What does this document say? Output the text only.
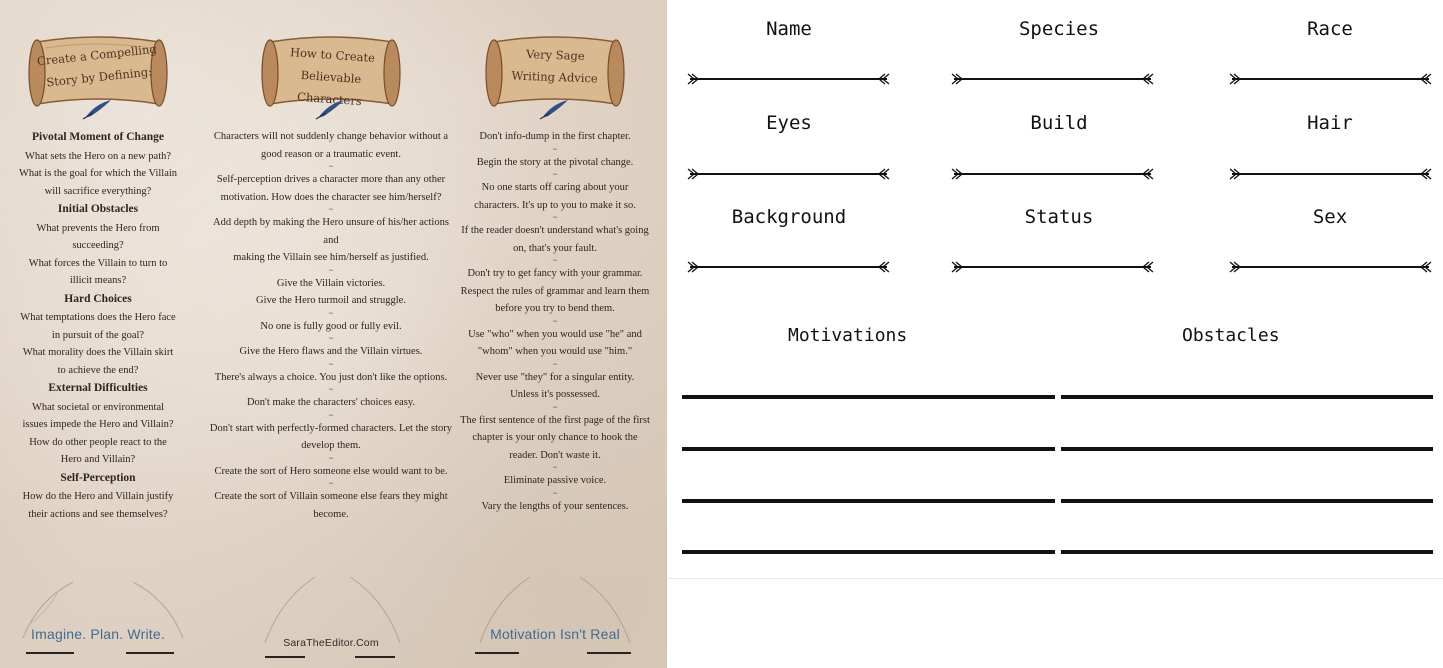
Create a Compelling
Story by Defining:

Pivotal Moment of Change

What sets the Hero on a new path?

What is the goal for which the Villain

will sacrifice everything?

Initial Obstacles

What prevents the Hero from

succeeding?

What forces the Villain to turn to

illicit means?

Hard Choices

What temptations does the Hero face

in pursuit of the goal?

What morality does the Villain skirt

to achieve the end?

External Difficulties

What societal or environmental

issues impede the Hero and Villain?

How do other people react to the

Hero and Villain?

Self-Perception

How do the Hero and Villain justify

their actions and see themselves?

Imagine. Plan. Write.
How to Create
Believable Characters

Characters will not suddenly change behavior without a

good reason or a traumatic event.

~

Self-perception drives a character more than any other

motivation. How does the character see him/herself?

~

Add depth by making the Hero unsure of his/her actions and

making the Villain see him/herself as justified.

~

Give the Villain victories.

Give the Hero turmoil and struggle.

~

No one is fully good or fully evil.

~

Give the Hero flaws and the Villain virtues.

~

There's always a choice. You just don't like the options.

~

Don't make the characters' choices easy.

~

Don't start with perfectly-formed characters. Let the story

develop them.

~

Create the sort of Hero someone else would want to be.

~

Create the sort of Villain someone else fears they might

become.

SaraTheEditor.Com
Very Sage
Writing Advice

Don't info-dump in the first chapter.

~

Begin the story at the pivotal change.

~

No one starts off caring about your

characters. It's up to you to make it so.

~

If the reader doesn't understand what's going

on, that's your fault.

~

Don't try to get fancy with your grammar.

Respect the rules of grammar and learn them

before you try to bend them.

~

Use "who" when you would use "he" and

"whom" when you would use "him."

~

Never use "they" for a singular entity.

Unless it's possessed.

~

The first sentence of the first page of the first

chapter is your only chance to hook the

reader. Don't waste it.

~

Eliminate passive voice.

~

Vary the lengths of your sentences.

Motivation Isn't Real
Name	Species	Race
Eyes	Build	Hair
Background	Status	Sex
Motivations	Obstacles
